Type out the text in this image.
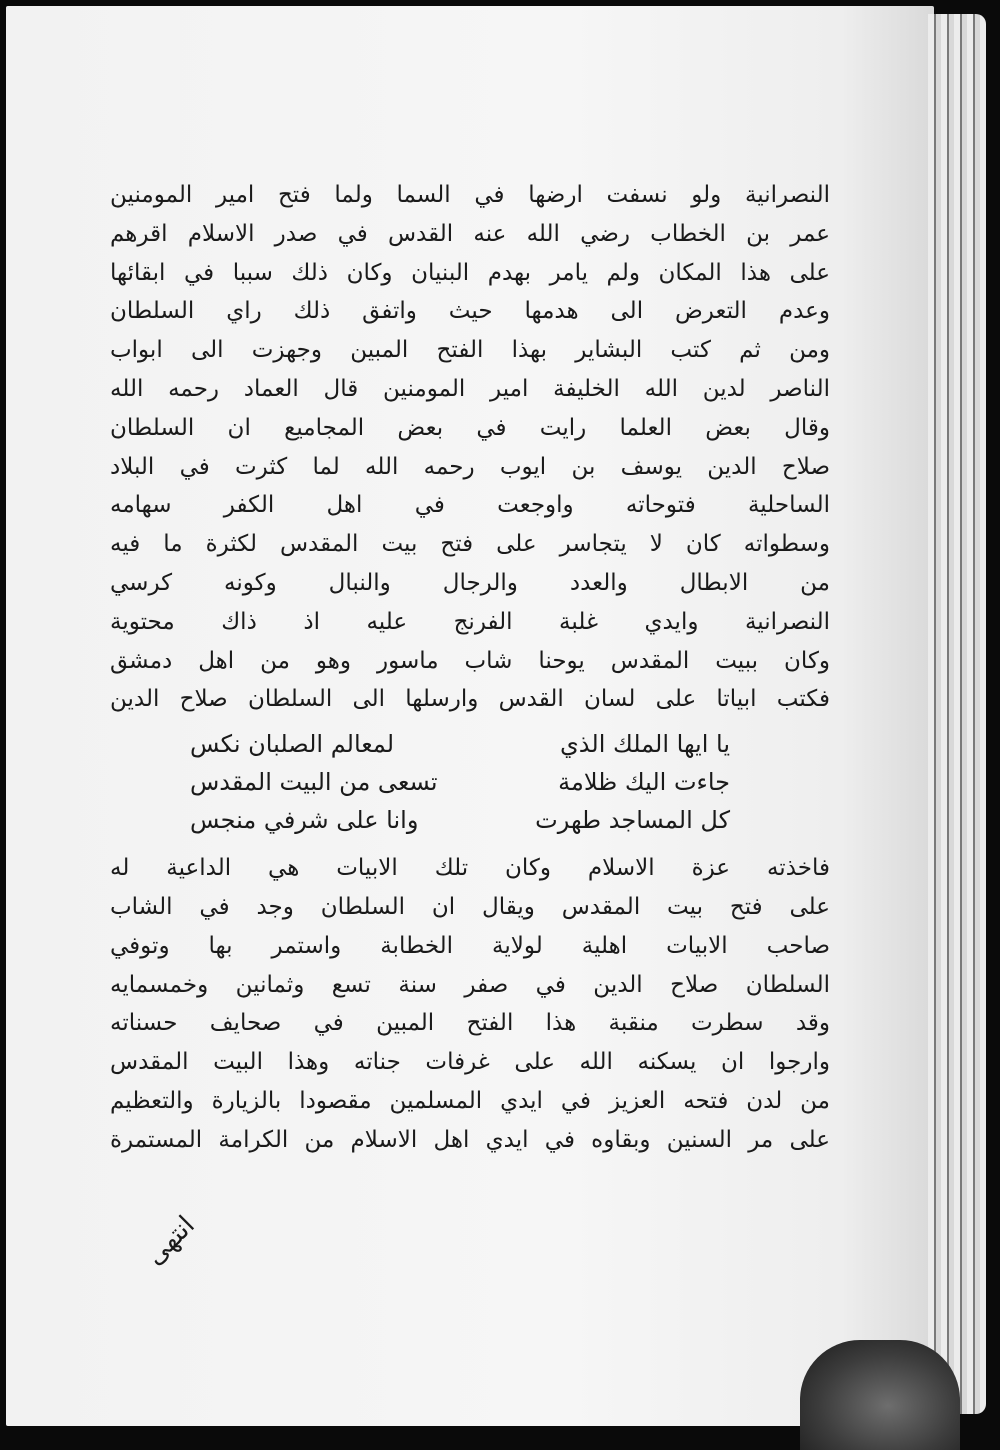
النصرانية ولو نسفت ارضها في السما ولما فتح امير المومنين
عمر بن الخطاب رضي الله عنه القدس في صدر الاسلام اقرهم
على هذا المكان ولم يامر بهدم البنيان وكان ذلك سببا في ابقائها
وعدم التعرض الى هدمها حيث واتفق ذلك راي السلطان
ومن ثم كتب البشاير بهذا الفتح المبين وجهزت الى ابواب
الناصر لدين الله الخليفة امير المومنين قال العماد رحمه الله
وقال بعض العلما رايت في بعض المجاميع ان السلطان
صلاح الدين يوسف بن ايوب رحمه الله لما كثرت في البلاد
الساحلية فتوحاته واوجعت في اهل الكفر سهامه
وسطواته كان لا يتجاسر على فتح بيت المقدس لكثرة ما فيه
من الابطال والعدد والرجال والنبال وكونه كرسي
النصرانية وايدي غلبة الفرنج عليه اذ ذاك محتوية
وكان ببيت المقدس يوحنا شاب ماسور وهو من اهل دمشق
فكتب ابياتا على لسان القدس وارسلها الى السلطان صلاح الدين
يا ايها الملك الذي
لمعالم الصلبان نكس
جاءت اليك ظلامة
تسعى من البيت المقدس
كل المساجد طهرت
وانا على شرفي منجس
فاخذته عزة الاسلام وكان تلك الابيات هي الداعية له
على فتح بيت المقدس ويقال ان السلطان وجد في الشاب
صاحب الابيات اهلية لولاية الخطابة واستمر بها وتوفي
السلطان صلاح الدين في صفر سنة تسع وثمانين وخمسمايه
وقد سطرت منقبة هذا الفتح المبين في صحايف حسناته
وارجوا ان يسكنه الله على غرفات جناته وهذا البيت المقدس
من لدن فتحه العزيز في ايدي المسلمين مقصودا بالزيارة والتعظيم
على مر السنين وبقاوه في ايدي اهل الاسلام من الكرامة المستمرة
انتهى
